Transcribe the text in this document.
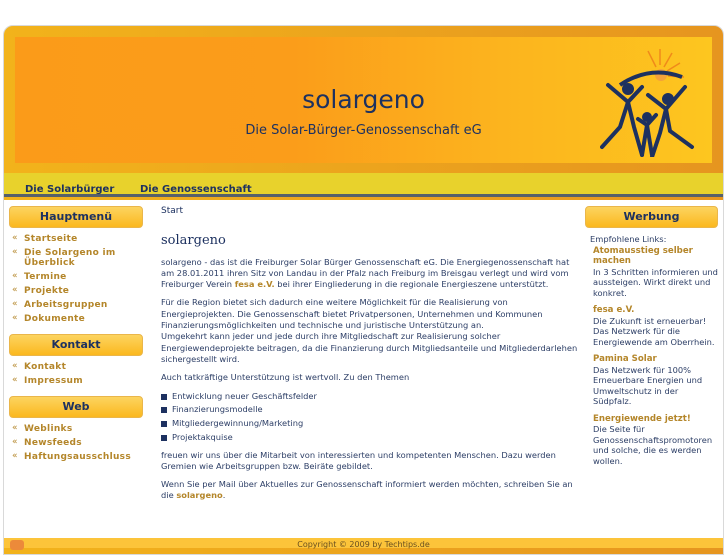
solargeno
Die Solar-Bürger-Genossenschaft eG
Die Solarbürger	Die Genossenschaft
Hauptmenü
« Startseite
« Die Solargeno im Überblick
« Termine
« Projekte
« Arbeitsgruppen
« Dokumente
Kontakt
« Kontakt
« Impressum
Web
« Weblinks
« Newsfeeds
« Haftungsausschluss
Start
solargeno

solargeno - das ist die Freiburger Solar Bürger Genossenschaft eG. Die Energiegenossenschaft hat am 28.01.2011 ihren Sitz von Landau in der Pfalz nach Freiburg im Breisgau verlegt und wird vom Freiburger Verein fesa e.V. bei ihrer Eingliederung in die regionale Energieszene unterstützt.

Für die Region bietet sich dadurch eine weitere Möglichkeit für die Realisierung von Energieprojekten. Die Genossenschaft bietet Privatpersonen, Unternehmen und Kommunen Finanzierungsmöglichkeiten und technische und juristische Unterstützung an.
Umgekehrt kann jeder und jede durch ihre Mitgliedschaft zur Realisierung solcher Energiewendeprojekte beitragen, da die Finanzierung durch Mitgliedsanteile und Mitgliederdarlehen sichergestellt wird.

Auch tatkräftige Unterstützung ist wertvoll. Zu den Themen

Entwicklung neuer Geschäftsfelder
Finanzierungsmodelle
Mitgliedergewinnung/Marketing
Projektakquise

freuen wir uns über die Mitarbeit von interessierten und kompetenten Menschen. Dazu werden Gremien wie Arbeitsgruppen bzw. Beiräte gebildet.

Wenn Sie per Mail über Aktuelles zur Genossenschaft informiert werden möchten, schreiben Sie an die solargeno.

Werbung
Empfohlene Links:
Atomausstieg selber machen
In 3 Schritten informieren und aussteigen. Wirkt direkt und konkret.
fesa e.V.
Die Zukunft ist erneuerbar! Das Netzwerk für die Energiewende am Oberrhein.
Pamina Solar
Das Netzwerk für 100% Erneuerbare Energien und Umweltschutz in der Südpfalz.
Energiewende jetzt!
Die Seite für Genossenschaftspromotoren und solche, die es werden wollen.
Copyright © 2009 by Techtips.de
